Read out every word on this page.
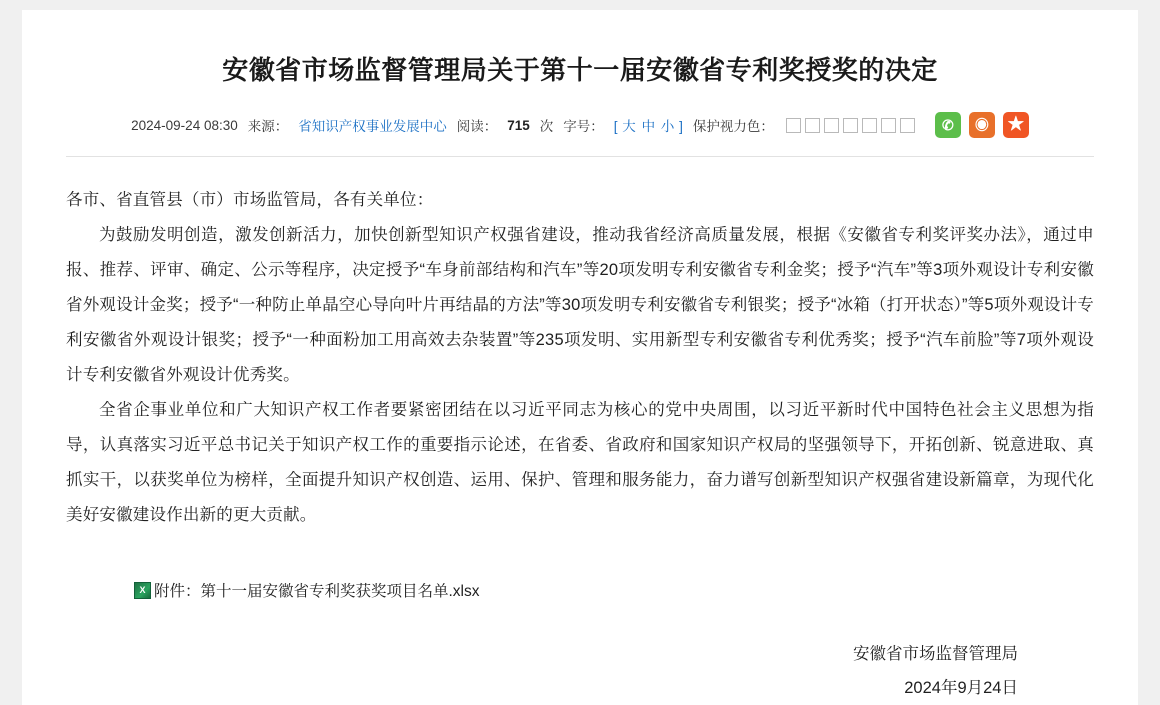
安徽省市场监督管理局关于第十一届安徽省专利奖授奖的决定
2024-09-24 08:30 来源： 省知识产权事业发展中心 阅读： 715 次 字号： [ 大 中 小 ] 保护视力色：	✆	◉	★

各市、省直管县（市）市场监管局，各有关单位：

为鼓励发明创造，激发创新活力，加快创新型知识产权强省建设，推动我省经济高质量发展，根据《安徽省专利奖评奖办法》，通过申报、推荐、评审、确定、公示等程序，决定授予“车身前部结构和汽车”等20项发明专利安徽省专利金奖；授予“汽车”等3项外观设计专利安徽省外观设计金奖；授予“一种防止单晶空心导向叶片再结晶的方法”等30项发明专利安徽省专利银奖；授予“冰箱（打开状态）”等5项外观设计专利安徽省外观设计银奖；授予“一种面粉加工用高效去杂装置”等235项发明、实用新型专利安徽省专利优秀奖；授予“汽车前脸”等7项外观设计专利安徽省外观设计优秀奖。

全省企事业单位和广大知识产权工作者要紧密团结在以习近平同志为核心的党中央周围，以习近平新时代中国特色社会主义思想为指导，认真落实习近平总书记关于知识产权工作的重要指示论述，在省委、省政府和国家知识产权局的坚强领导下，开拓创新、锐意进取、真抓实干，以获奖单位为榜样，全面提升知识产权创造、运用、保护、管理和服务能力，奋力谱写创新型知识产权强省建设新篇章，为现代化美好安徽建设作出新的更大贡献。

X 附件：第十一届安徽省专利奖获奖项目名单.xlsx
安徽省市场监督管理局
2024年9月24日
